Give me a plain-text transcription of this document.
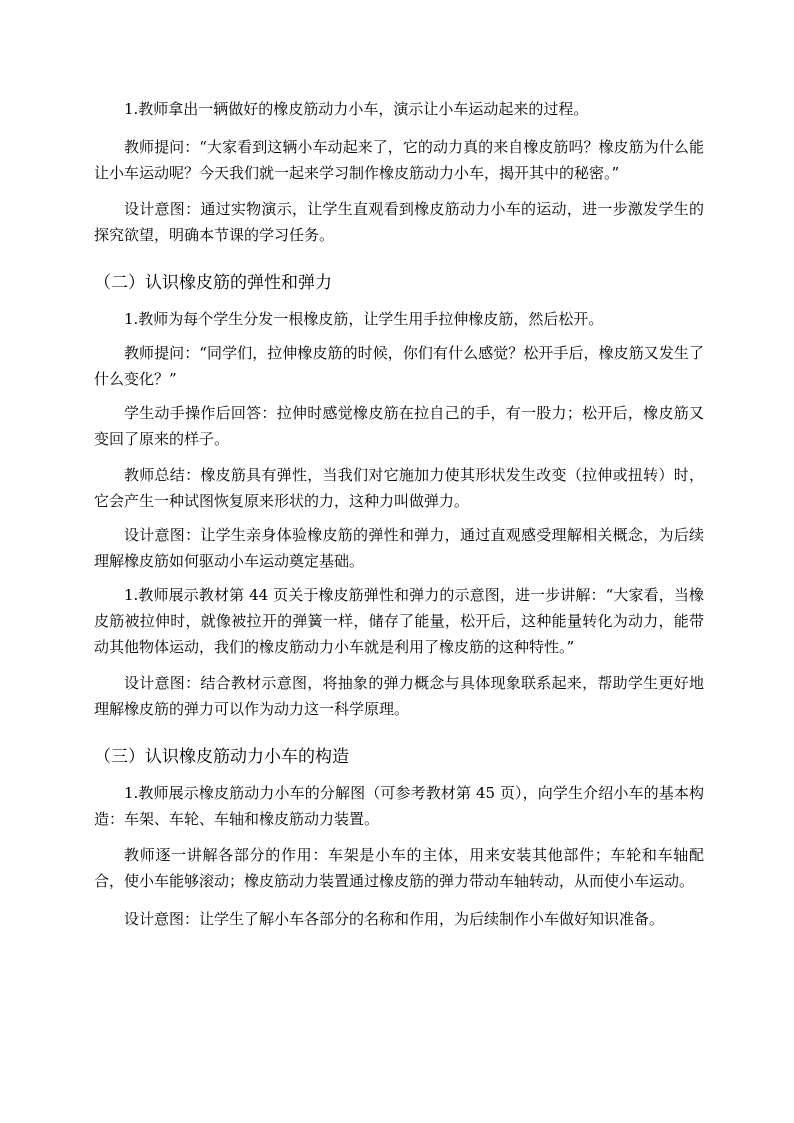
1.教师拿出一辆做好的橡皮筋动力小车，演示让小车运动起来的过程。

教师提问：“大家看到这辆小车动起来了，它的动力真的来自橡皮筋吗？橡皮筋为什么能让小车运动呢？今天我们就一起来学习制作橡皮筋动力小车，揭开其中的秘密。”

设计意图：通过实物演示，让学生直观看到橡皮筋动力小车的运动，进一步激发学生的探究欲望，明确本节课的学习任务。

（二）认识橡皮筋的弹性和弹力

1.教师为每个学生分发一根橡皮筋，让学生用手拉伸橡皮筋，然后松开。

教师提问：“同学们，拉伸橡皮筋的时候，你们有什么感觉？松开手后，橡皮筋又发生了什么变化？”

学生动手操作后回答：拉伸时感觉橡皮筋在拉自己的手，有一股力；松开后，橡皮筋又变回了原来的样子。

教师总结：橡皮筋具有弹性，当我们对它施加力使其形状发生改变（拉伸或扭转）时，它会产生一种试图恢复原来形状的力，这种力叫做弹力。

设计意图：让学生亲身体验橡皮筋的弹性和弹力，通过直观感受理解相关概念，为后续理解橡皮筋如何驱动小车运动奠定基础。

1.教师展示教材第 44 页关于橡皮筋弹性和弹力的示意图，进一步讲解：“大家看，当橡皮筋被拉伸时，就像被拉开的弹簧一样，储存了能量，松开后，这种能量转化为动力，能带动其他物体运动，我们的橡皮筋动力小车就是利用了橡皮筋的这种特性。”

设计意图：结合教材示意图，将抽象的弹力概念与具体现象联系起来，帮助学生更好地理解橡皮筋的弹力可以作为动力这一科学原理。

（三）认识橡皮筋动力小车的构造

1.教师展示橡皮筋动力小车的分解图（可参考教材第 45 页），向学生介绍小车的基本构造：车架、车轮、车轴和橡皮筋动力装置。

教师逐一讲解各部分的作用：车架是小车的主体，用来安装其他部件；车轮和车轴配合，使小车能够滚动；橡皮筋动力装置通过橡皮筋的弹力带动车轴转动，从而使小车运动。

设计意图：让学生了解小车各部分的名称和作用，为后续制作小车做好知识准备。
